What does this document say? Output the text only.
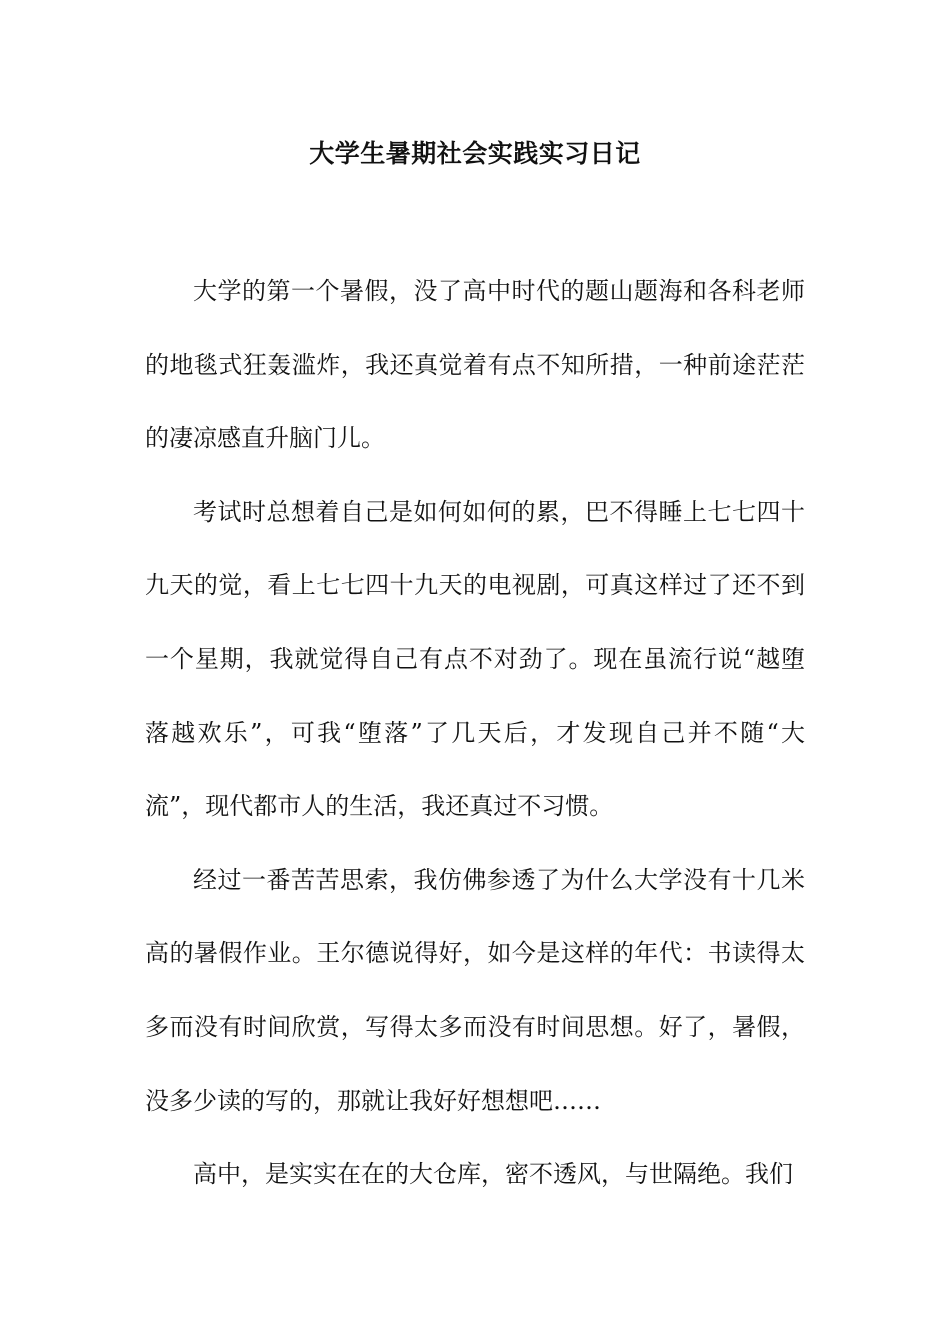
大学生暑期社会实践实习日记

大学的第一个暑假，没了高中时代的题山题海和各科老师的地毯式狂轰滥炸，我还真觉着有点不知所措，一种前途茫茫的凄凉感直升脑门儿。

考试时总想着自己是如何如何的累，巴不得睡上七七四十九天的觉，看上七七四十九天的电视剧，可真这样过了还不到一个星期，我就觉得自己有点不对劲了。现在虽流行说“越堕落越欢乐”，可我“堕落”了几天后，才发现自己并不随“大流”，现代都市人的生活，我还真过不习惯。

经过一番苦苦思索，我仿佛参透了为什么大学没有十几米高的暑假作业。王尔德说得好，如今是这样的年代：书读得太多而没有时间欣赏，写得太多而没有时间思想。好了，暑假，没多少读的写的，那就让我好好想想吧……

高中，是实实在在的大仓库，密不透风，与世隔绝。我们
